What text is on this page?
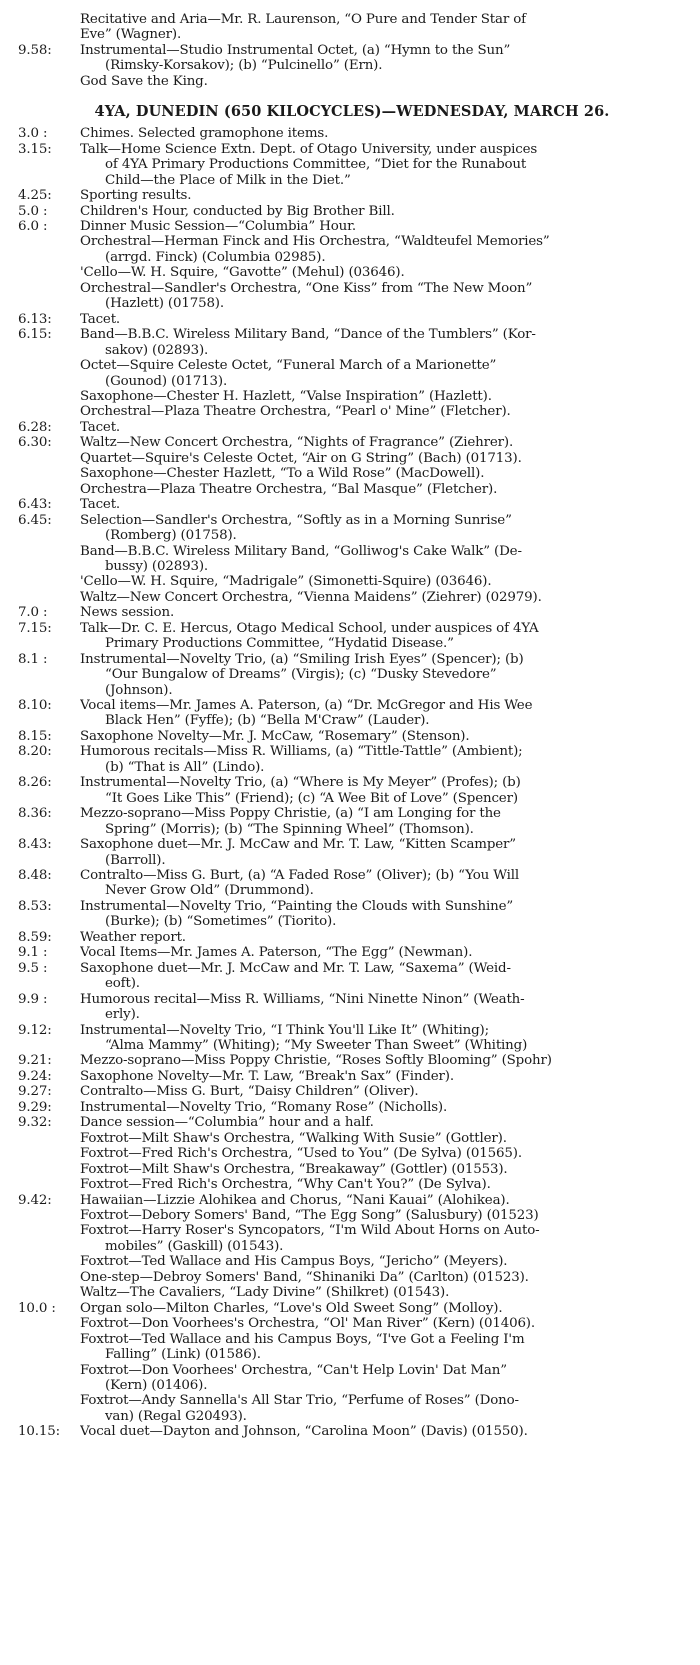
Recitative and Aria—Mr. R. Laurenson, “O Pure and Tender Star of
Eve” (Wagner).
9.58:	Instrumental—Studio Instrumental Octet, (a) “Hymn to the Sun”
(Rimsky-Korsakov); (b) “Pulcinello” (Ern).
God Save the King.
4YA, DUNEDIN (650 KILOCYCLES)—WEDNESDAY, MARCH 26.
3.0 :	Chimes. Selected gramophone items.
3.15:	Talk—Home Science Extn. Dept. of Otago University, under auspices
of 4YA Primary Productions Committee, “Diet for the Runabout
Child—the Place of Milk in the Diet.”
4.25:	Sporting results.
5.0 :	Children's Hour, conducted by Big Brother Bill.
6.0 :	Dinner Music Session—“Columbia” Hour.
Orchestral—Herman Finck and His Orchestra, “Waldteufel Memories”
(arrgd. Finck) (Columbia 02985).
'Cello—W. H. Squire, “Gavotte” (Mehul) (03646).
Orchestral—Sandler's Orchestra, “One Kiss” from “The New Moon”
(Hazlett) (01758).
6.13:	Tacet.
6.15:	Band—B.B.C. Wireless Military Band, “Dance of the Tumblers” (Kor-
sakov) (02893).
Octet—Squire Celeste Octet, “Funeral March of a Marionette”
(Gounod) (01713).
Saxophone—Chester H. Hazlett, “Valse Inspiration” (Hazlett).
Orchestral—Plaza Theatre Orchestra, “Pearl o' Mine” (Fletcher).
6.28:	Tacet.
6.30:	Waltz—New Concert Orchestra, “Nights of Fragrance” (Ziehrer).
Quartet—Squire's Celeste Octet, “Air on G String” (Bach) (01713).
Saxophone—Chester Hazlett, “To a Wild Rose” (MacDowell).
Orchestra—Plaza Theatre Orchestra, “Bal Masque” (Fletcher).
6.43:	Tacet.
6.45:	Selection—Sandler's Orchestra, “Softly as in a Morning Sunrise”
(Romberg) (01758).
Band—B.B.C. Wireless Military Band, “Golliwog's Cake Walk” (De-
bussy) (02893).
'Cello—W. H. Squire, “Madrigale” (Simonetti-Squire) (03646).
Waltz—New Concert Orchestra, “Vienna Maidens” (Ziehrer) (02979).
7.0 :	News session.
7.15:	Talk—Dr. C. E. Hercus, Otago Medical School, under auspices of 4YA
Primary Productions Committee, “Hydatid Disease.”
8.1 :	Instrumental—Novelty Trio, (a) “Smiling Irish Eyes” (Spencer); (b)
“Our Bungalow of Dreams” (Virgis); (c) “Dusky Stevedore”
(Johnson).
8.10:	Vocal items—Mr. James A. Paterson, (a) “Dr. McGregor and His Wee
Black Hen” (Fyffe); (b) “Bella M'Craw” (Lauder).
8.15:	Saxophone Novelty—Mr. J. McCaw, “Rosemary” (Stenson).
8.20:	Humorous recitals—Miss R. Williams, (a) “Tittle-Tattle” (Ambient);
(b) “That is All” (Lindo).
8.26:	Instrumental—Novelty Trio, (a) “Where is My Meyer” (Profes); (b)
“It Goes Like This” (Friend); (c) “A Wee Bit of Love” (Spencer)
8.36:	Mezzo-soprano—Miss Poppy Christie, (a) “I am Longing for the
Spring” (Morris); (b) “The Spinning Wheel” (Thomson).
8.43:	Saxophone duet—Mr. J. McCaw and Mr. T. Law, “Kitten Scamper”
(Barroll).
8.48:	Contralto—Miss G. Burt, (a) “A Faded Rose” (Oliver); (b) “You Will
Never Grow Old” (Drummond).
8.53:	Instrumental—Novelty Trio, “Painting the Clouds with Sunshine”
(Burke); (b) “Sometimes” (Tiorito).
8.59:	Weather report.
9.1 :	Vocal Items—Mr. James A. Paterson, “The Egg” (Newman).
9.5 :	Saxophone duet—Mr. J. McCaw and Mr. T. Law, “Saxema” (Weid-
eoft).
9.9 :	Humorous recital—Miss R. Williams, “Nini Ninette Ninon” (Weath-
erly).
9.12:	Instrumental—Novelty Trio, “I Think You'll Like It” (Whiting);
“Alma Mammy” (Whiting); “My Sweeter Than Sweet” (Whiting)
9.21:	Mezzo-soprano—Miss Poppy Christie, “Roses Softly Blooming” (Spohr)
9.24:	Saxophone Novelty—Mr. T. Law, “Break'n Sax” (Finder).
9.27:	Contralto—Miss G. Burt, “Daisy Children” (Oliver).
9.29:	Instrumental—Novelty Trio, “Romany Rose” (Nicholls).
9.32:	Dance session—“Columbia” hour and a half.
Foxtrot—Milt Shaw's Orchestra, “Walking With Susie” (Gottler).
Foxtrot—Fred Rich's Orchestra, “Used to You” (De Sylva) (01565).
Foxtrot—Milt Shaw's Orchestra, “Breakaway” (Gottler) (01553).
Foxtrot—Fred Rich's Orchestra, “Why Can't You?” (De Sylva).
9.42:	Hawaiian—Lizzie Alohikea and Chorus, “Nani Kauai” (Alohikea).
Foxtrot—Debory Somers' Band, “The Egg Song” (Salusbury) (01523)
Foxtrot—Harry Roser's Syncopators, “I'm Wild About Horns on Auto-
mobiles” (Gaskill) (01543).
Foxtrot—Ted Wallace and His Campus Boys, “Jericho” (Meyers).
One-step—Debroy Somers' Band, “Shinaniki Da” (Carlton) (01523).
Waltz—The Cavaliers, “Lady Divine” (Shilkret) (01543).
10.0 :	Organ solo—Milton Charles, “Love's Old Sweet Song” (Molloy).
Foxtrot—Don Voorhees's Orchestra, “Ol' Man River” (Kern) (01406).
Foxtrot—Ted Wallace and his Campus Boys, “I've Got a Feeling I'm
Falling” (Link) (01586).
Foxtrot—Don Voorhees' Orchestra, “Can't Help Lovin' Dat Man”
(Kern) (01406).
Foxtrot—Andy Sannella's All Star Trio, “Perfume of Roses” (Dono-
van) (Regal G20493).
10.15:	Vocal duet—Dayton and Johnson, “Carolina Moon” (Davis) (01550).
